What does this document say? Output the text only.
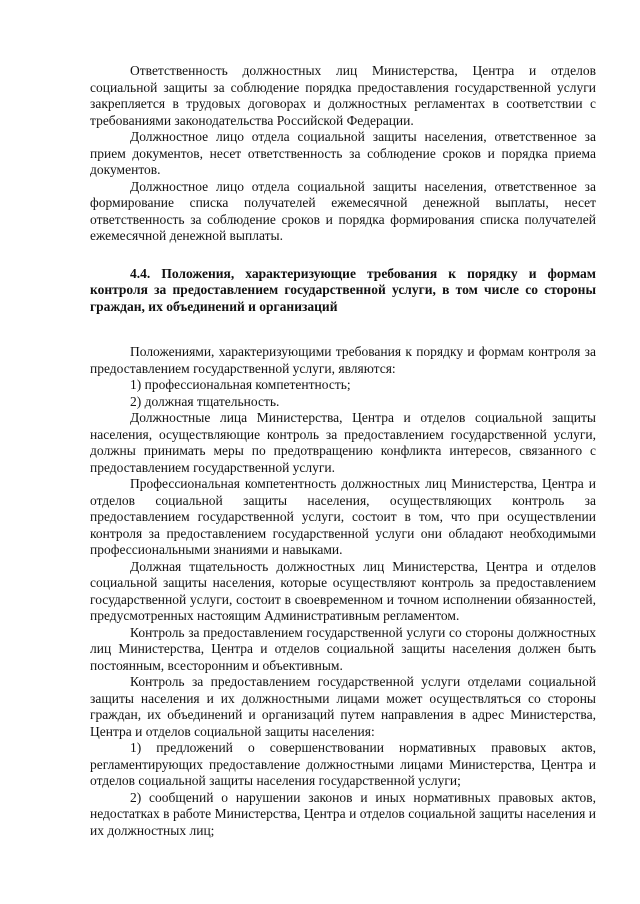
Ответственность должностных лиц Министерства, Центра и отделов социальной защиты за соблюдение порядка предоставления государственной услуги закрепляется в трудовых договорах и должностных регламентах в соответствии с требованиями законодательства Российской Федерации.

Должностное лицо отдела социальной защиты населения, ответственное за прием документов, несет ответственность за соблюдение сроков и порядка приема документов.

Должностное лицо отдела социальной защиты населения, ответственное за формирование списка получателей ежемесячной денежной выплаты, несет ответственность за соблюдение сроков и порядка формирования списка получателей ежемесячной денежной выплаты.

4.4. Положения, характеризующие требования к порядку и формам контроля за предоставлением государственной услуги, в том числе со стороны граждан, их объединений и организаций

Положениями, характеризующими требования к порядку и формам контроля за предоставлением государственной услуги, являются:

1) профессиональная компетентность;

2) должная тщательность.

Должностные лица Министерства, Центра и отделов социальной защиты населения, осуществляющие контроль за предоставлением государственной услуги, должны принимать меры по предотвращению конфликта интересов, связанного с предоставлением государственной услуги.

Профессиональная компетентность должностных лиц Министерства, Центра и отделов социальной защиты населения, осуществляющих контроль за предоставлением государственной услуги, состоит в том, что при осуществлении контроля за предоставлением государственной услуги они обладают необходимыми профессиональными знаниями и навыками.

Должная тщательность должностных лиц Министерства, Центра и отделов социальной защиты населения, которые осуществляют контроль за предоставлением государственной услуги, состоит в своевременном и точном исполнении обязанностей, предусмотренных настоящим Административным регламентом.

Контроль за предоставлением государственной услуги со стороны должностных лиц Министерства, Центра и отделов социальной защиты населения должен быть постоянным, всесторонним и объективным.

Контроль за предоставлением государственной услуги отделами социальной защиты населения и их должностными лицами может осуществляться со стороны граждан, их объединений и организаций путем направления в адрес Министерства, Центра и отделов социальной защиты населения:

1) предложений о совершенствовании нормативных правовых актов, регламентирующих предоставление должностными лицами Министерства, Центра и отделов социальной защиты населения государственной услуги;

2) сообщений о нарушении законов и иных нормативных правовых актов, недостатках в работе Министерства, Центра и отделов социальной защиты населения и их должностных лиц;
